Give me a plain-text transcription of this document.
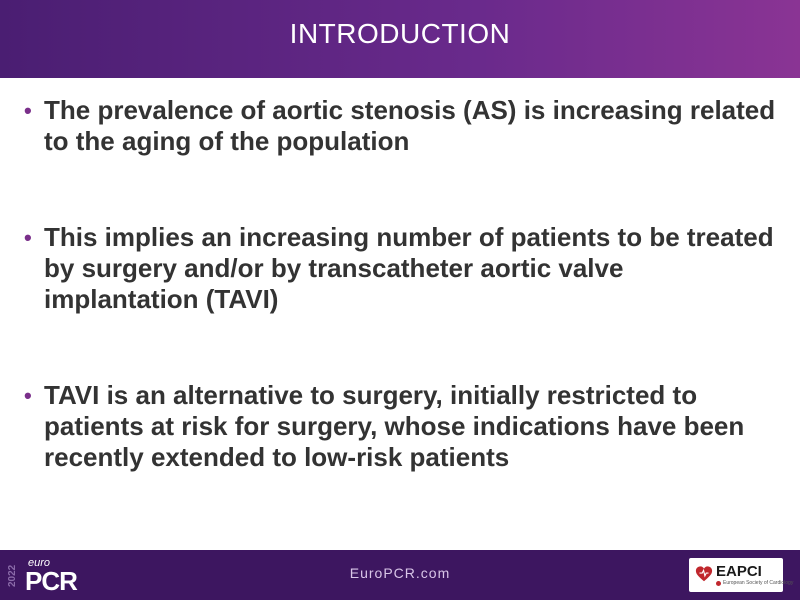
INTRODUCTION
• The prevalence of aortic stenosis (AS) is increasing related to the aging of the population
• This implies an increasing number of patients to be treated by surgery and/or by transcatheter aortic valve implantation (TAVI)
• TAVI is an alternative to surgery, initially restricted to patients at risk for surgery, whose indications have been recently extended to low-risk patients
2022
euro
PCR	EuroPCR.com	EAPCI
European Society of Cardiology
